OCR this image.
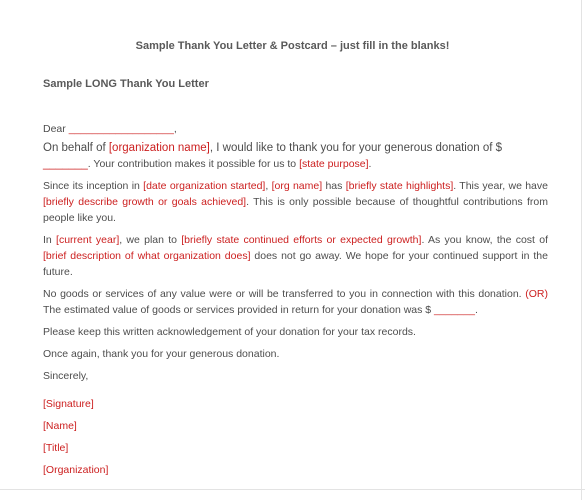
Sample Thank You Letter & Postcard – just fill in the blanks!
Sample LONG Thank You Letter

Dear __________________,

On behalf of [organization name], I would like to thank you for your generous donation of $
_______. Your contribution makes it possible for us to [state purpose].

Since its inception in [date organization started], [org name] has [briefly state highlights]. This year, we have [briefly describe growth or goals achieved]. This is only possible because of thoughtful contributions from people like you.

In [current year], we plan to [briefly state continued efforts or expected growth]. As you know, the cost of [brief description of what organization does] does not go away. We hope for your continued support in the future.

No goods or services of any value were or will be transferred to you in connection with this donation. (OR) The estimated value of goods or services provided in return for your donation was $ _______.

Please keep this written acknowledgement of your donation for your tax records.

Once again, thank you for your generous donation.

Sincerely,

[Signature]

[Name]

[Title]

[Organization]
